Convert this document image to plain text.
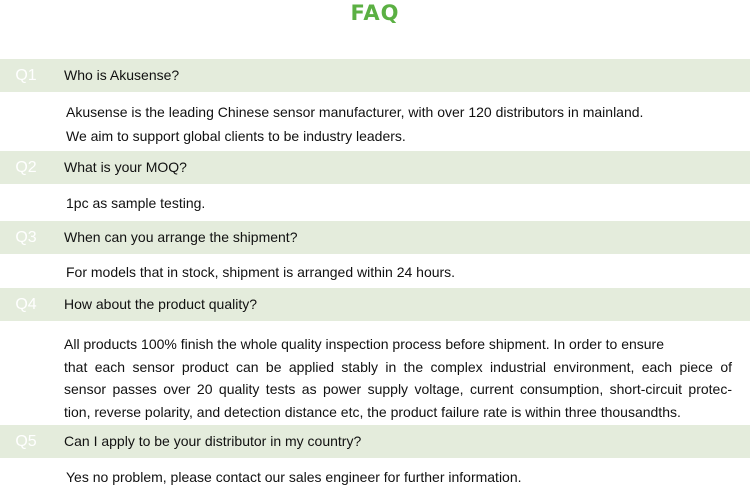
FAQ
Q1	Who is Akusense?
Akusense is the leading Chinese sensor manufacturer, with over 120 distributors in mainland.
We aim to support global clients to be industry leaders.
Q2	What is your MOQ?
1pc as sample testing.
Q3	When can you arrange the shipment?
For models that in stock, shipment is arranged within 24 hours.
Q4	How about the product quality?
All products 100% finish the whole quality inspection process before shipment. In order to ensure
that each sensor product can be applied stably in the complex industrial environment, each piece of
sensor passes over 20 quality tests as power supply voltage, current consumption, short-circuit protec-
tion, reverse polarity, and detection distance etc, the product failure rate is within three thousandths.
Q5	Can I apply to be your distributor in my country?
Yes no problem, please contact our sales engineer for further information.
